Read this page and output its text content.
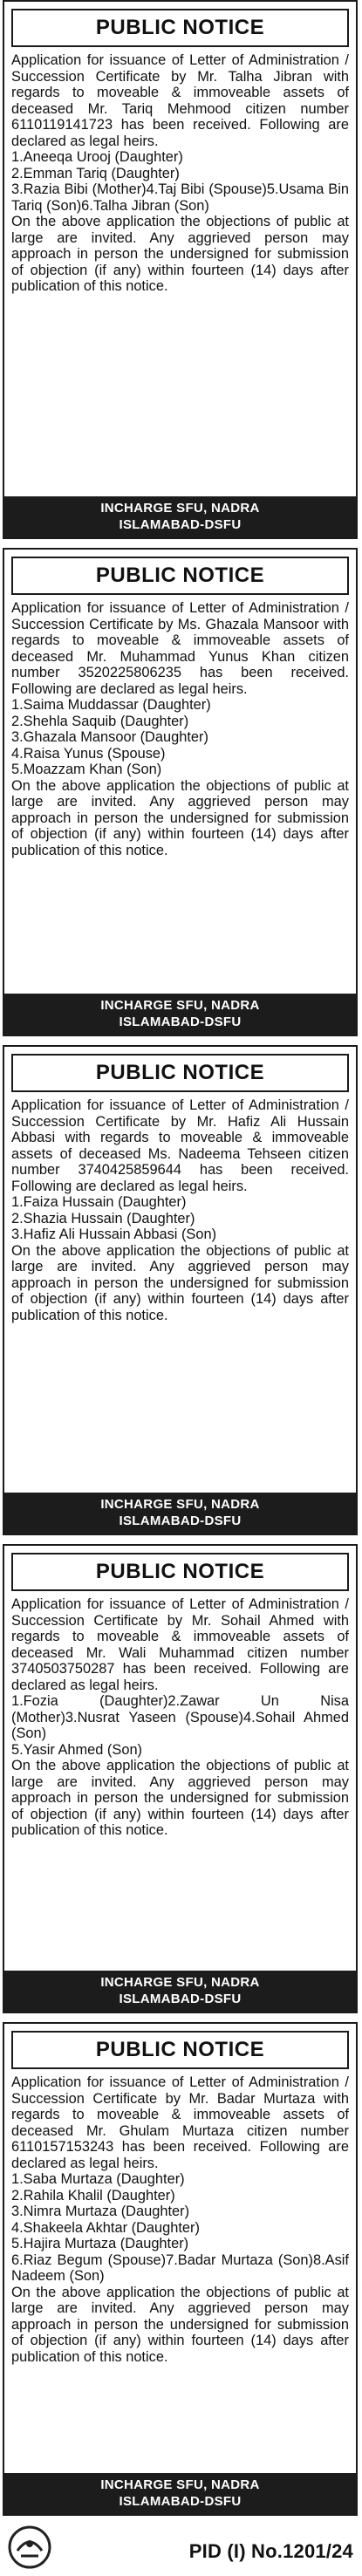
PUBLIC NOTICE

Application for issuance of Letter of Administration / Succession Certificate by Mr. Talha Jibran with regards to moveable & immoveable assets of deceased Mr. Tariq Mehmood citizen number 6110119141723 has been received. Following are declared as legal heirs.
1.Aneeqa Urooj (Daughter)
2.Emman Tariq (Daughter)
3.Razia Bibi (Mother)4.Taj Bibi (Spouse)5.Usama Bin Tariq (Son)6.Talha Jibran (Son)
On the above application the objections of public at large are invited. Any aggrieved person may approach in person the undersigned for submission of objection (if any) within fourteen (14) days after publication of this notice.

INCHARGE SFU, NADRA
ISLAMABAD-DSFU
PUBLIC NOTICE

Application for issuance of Letter of Administration / Succession Certificate by Ms. Ghazala Mansoor with regards to moveable & immoveable assets of deceased Mr. Muhammad Yunus Khan citizen number 3520225806235 has been received. Following are declared as legal heirs.
1.Saima Muddassar (Daughter)
2.Shehla Saquib (Daughter)
3.Ghazala Mansoor (Daughter)
4.Raisa Yunus (Spouse)
5.Moazzam Khan (Son)
On the above application the objections of public at large are invited. Any aggrieved person may approach in person the undersigned for submission of objection (if any) within fourteen (14) days after publication of this notice.

INCHARGE SFU, NADRA
ISLAMABAD-DSFU
PUBLIC NOTICE

Application for issuance of Letter of Administration / Succession Certificate by Mr. Hafiz Ali Hussain Abbasi with regards to moveable & immoveable assets of deceased Ms. Nadeema Tehseen citizen number 3740425859644 has been received. Following are declared as legal heirs.
1.Faiza Hussain (Daughter)
2.Shazia Hussain (Daughter)
3.Hafiz Ali Hussain Abbasi (Son)
On the above application the objections of public at large are invited. Any aggrieved person may approach in person the undersigned for submission of objection (if any) within fourteen (14) days after publication of this notice.

INCHARGE SFU, NADRA
ISLAMABAD-DSFU
PUBLIC NOTICE

Application for issuance of Letter of Administration / Succession Certificate by Mr. Sohail Ahmed with regards to moveable & immoveable assets of deceased Mr. Wali Muhammad citizen number 3740503750287 has been received. Following are declared as legal heirs.
1.Fozia (Daughter)2.Zawar Un Nisa (Mother)3.Nusrat Yaseen (Spouse)4.Sohail Ahmed (Son)
5.Yasir Ahmed (Son)
On the above application the objections of public at large are invited. Any aggrieved person may approach in person the undersigned for submission of objection (if any) within fourteen (14) days after publication of this notice.

INCHARGE SFU, NADRA
ISLAMABAD-DSFU
PUBLIC NOTICE

Application for issuance of Letter of Administration / Succession Certificate by Mr. Badar Murtaza with regards to moveable & immoveable assets of deceased Mr. Ghulam Murtaza citizen number 6110157153243 has been received. Following are declared as legal heirs.
1.Saba Murtaza (Daughter)
2.Rahila Khalil (Daughter)
3.Nimra Murtaza (Daughter)
4.Shakeela Akhtar (Daughter)
5.Hajira Murtaza (Daughter)
6.Riaz Begum (Spouse)7.Badar Murtaza (Son)8.Asif Nadeem (Son)
On the above application the objections of public at large are invited. Any aggrieved person may approach in person the undersigned for submission of objection (if any) within fourteen (14) days after publication of this notice.

INCHARGE SFU, NADRA
ISLAMABAD-DSFU
PID (I) No.1201/24
